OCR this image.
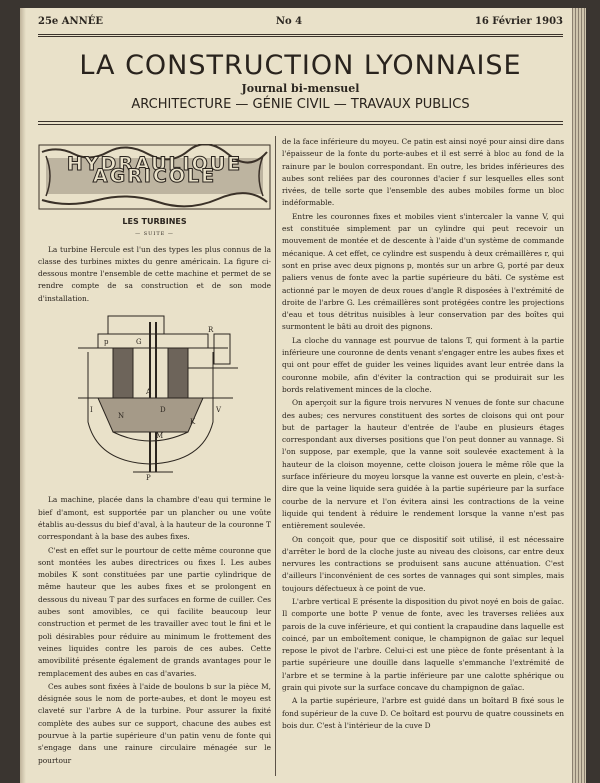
25e ANNÉE	No 4	16 Février 1903
LA CONSTRUCTION LYONNAISE
Journal bi-mensuel
ARCHITECTURE — GÉNIE CIVIL — TRAVAUX PUBLICS
HYDRAULIQUE AGRICOLE
LES TURBINES
— SUITE —

La turbine Hercule est l'un des types les plus connus de la classe des turbines mixtes du genre américain. La figure ci-dessous montre l'ensemble de cette machine et permet de se rendre compte de sa construction et de son mode d'installation.

p	G
R
A
D
I
K
V
N
M
P

La machine, placée dans la chambre d'eau qui termine le bief d'amont, est supportée par un plancher ou une voûte établis au-dessus du bief d'aval, à la hauteur de la couronne T correspondant à la base des aubes fixes.

C'est en effet sur le pourtour de cette même couronne que sont montées les aubes directrices ou fixes I. Les aubes mobiles K sont constituées par une partie cylindrique de même hauteur que les aubes fixes et se prolongent en dessous du niveau T par des surfaces en forme de cuiller. Ces aubes sont amovibles, ce qui facilite beaucoup leur construction et permet de les travailler avec tout le fini et le poli désirables pour réduire au minimum le frottement des veines liquides contre les parois de ces aubes. Cette amovibilité présente également de grands avantages pour le remplacement des aubes en cas d'avaries.

Ces aubes sont fixées à l'aide de boulons b sur la pièce M, désignée sous le nom de porte-aubes, et dont le moyeu est claveté sur l'arbre A de la turbine. Pour assurer la fixité complète des aubes sur ce support, chacune des aubes est pourvue à la partie supérieure d'un patin venu de fonte qui s'engage dans une rainure circulaire ménagée sur le pourtour

de la face inférieure du moyeu. Ce patin est ainsi noyé pour ainsi dire dans l'épaisseur de la fonte du porte-aubes et il est serré à bloc au fond de la rainure par le boulon correspondant. En outre, les brides inférieures des aubes sont reliées par des couronnes d'acier f sur lesquelles elles sont rivées, de telle sorte que l'ensemble des aubes mobiles forme un bloc indéformable.

Entre les couronnes fixes et mobiles vient s'intercaler la vanne V, qui est constituée simplement par un cylindre qui peut recevoir un mouvement de montée et de descente à l'aide d'un système de commande mécanique. A cet effet, ce cylindre est suspendu à deux crémaillères r, qui sont en prise avec deux pignons p, montés sur un arbre G, porté par deux paliers venus de fonte avec la partie supérieure du bâti. Ce système est actionné par le moyen de deux roues d'angle R disposées à l'extrémité de droite de l'arbre G. Les crémaillères sont protégées contre les projections d'eau et tous détritus nuisibles à leur conservation par des boîtes qui surmontent le bâti au droit des pignons.

La cloche du vannage est pourvue de talons T, qui forment à la partie inférieure une couronne de dents venant s'engager entre les aubes fixes et qui ont pour effet de guider les veines liquides avant leur entrée dans la couronne mobile, afin d'éviter la contraction qui se produirait sur les bords relativement minces de la cloche.

On aperçoit sur la figure trois nervures N venues de fonte sur chacune des aubes; ces nervures constituent des sortes de cloisons qui ont pour but de partager la hauteur d'entrée de l'aube en plusieurs étages correspondant aux diverses positions que l'on peut donner au vannage. Si l'on suppose, par exemple, que la vanne soit soulevée exactement à la hauteur de la cloison moyenne, cette cloison jouera le même rôle que la surface inférieure du moyeu lorsque la vanne est ouverte en plein, c'est-à-dire que la veine liquide sera guidée à la partie supérieure par la surface courbe de la nervure et l'on évitera ainsi les contractions de la veine liquide qui tendent à réduire le rendement lorsque la vanne n'est pas entièrement soulevée.

On conçoit que, pour que ce dispositif soit utilisé, il est nécessaire d'arrêter le bord de la cloche juste au niveau des cloisons, car entre deux nervures les contractions se produisent sans aucune atténuation. C'est d'ailleurs l'inconvénient de ces sortes de vannages qui sont simples, mais toujours défectueux à ce point de vue.

L'arbre vertical E présente la disposition du pivot noyé en bois de gaïac. Il comporte une botte P venue de fonte, avec les traverses reliées aux parois de la cuve inférieure, et qui contient la crapaudine dans laquelle est coincé, par un emboîtement conique, le champignon de gaïac sur lequel repose le pivot de l'arbre. Celui-ci est une pièce de fonte présentant à la partie supérieure une douille dans laquelle s'emmanche l'extrémité de l'arbre et se termine à la partie inférieure par une calotte sphérique ou grain qui pivote sur la surface concave du champignon de gaïac.

A la partie supérieure, l'arbre est guidé dans un boîtard B fixé sous le fond supérieur de la cuve D. Ce boîtard est pourvu de quatre coussinets en bois dur. C'est à l'intérieur de la cuve D
